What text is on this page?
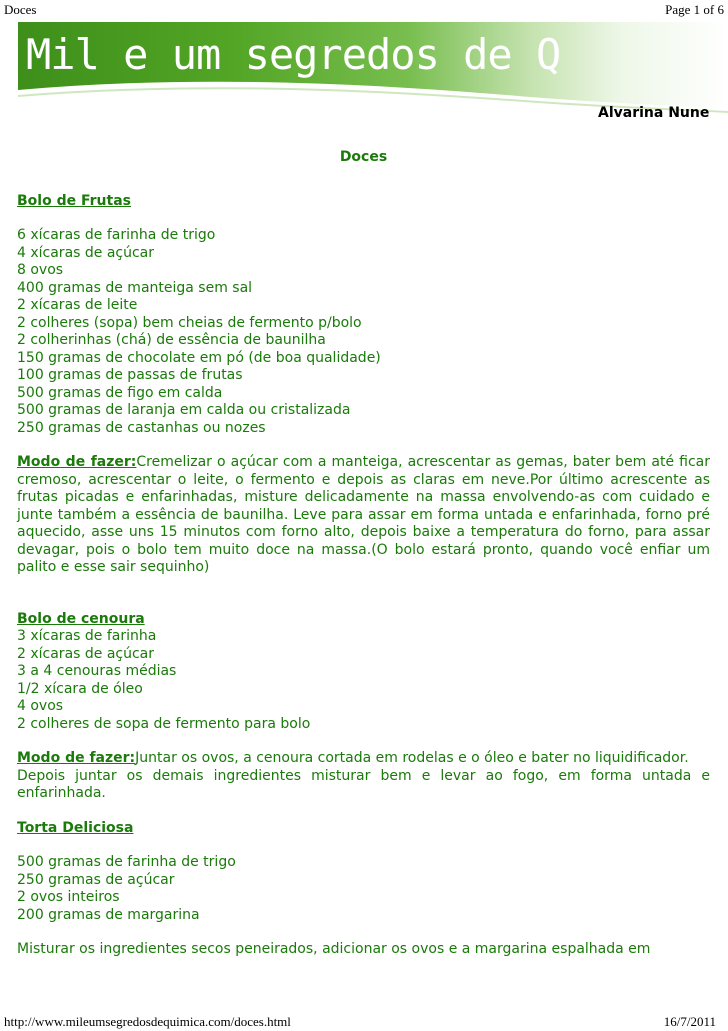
Doces	Page 1 of 6
Mil e um segredos de Q
Alvarina Nune
Doces

Bolo de Frutas

6 xícaras de farinha de trigo

4 xícaras de açúcar

8 ovos

400 gramas de manteiga sem sal

2 xícaras de leite

2 colheres (sopa) bem cheias de fermento p/bolo

2 colherinhas (chá) de essência de baunilha

150 gramas de chocolate em pó (de boa qualidade)

100 gramas de passas de frutas

500 gramas de figo em calda

500 gramas de laranja em calda ou cristalizada

250 gramas de castanhas ou nozes

Modo de fazer:Cremelizar o açúcar com a manteiga, acrescentar as gemas, bater bem até ficar cremoso, acrescentar o leite, o fermento e depois as claras em neve.Por último acrescente as frutas picadas e enfarinhadas, misture delicadamente na massa envolvendo-as com cuidado e junte também a essência de baunilha. Leve para assar em forma untada e enfarinhada, forno pré aquecido, asse uns 15 minutos com forno alto, depois baixe a temperatura do forno, para assar devagar, pois o bolo tem muito doce na massa.(O bolo estará pronto, quando você enfiar um palito e esse sair sequinho)

Bolo de cenoura

3 xícaras de farinha

2 xícaras de açúcar

3 a 4 cenouras médias

1/2 xícara de óleo

4 ovos

2 colheres de sopa de fermento para bolo

Modo de fazer:Juntar os ovos, a cenoura cortada em rodelas e o óleo e bater no liquidificador.

Depois juntar os demais ingredientes misturar bem e levar ao fogo, em forma untada e enfarinhada.

Torta Deliciosa

500 gramas de farinha de trigo

250 gramas de açúcar

2 ovos inteiros

200 gramas de margarina

Misturar os ingredientes secos peneirados, adicionar os ovos e a margarina espalhada em

http://www.mileumsegredosdequimica.com/doces.html	16/7/2011
